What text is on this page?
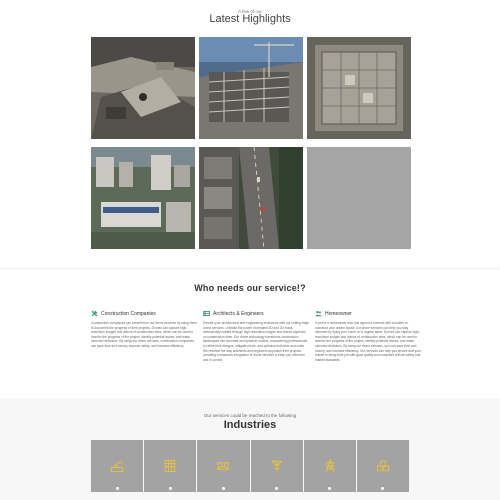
A few of our
Latest Highlights
Who needs our service!?
Construction Companies

Construction companies can benefit from our drone services by using them to document the progress of their projects. Drones can capture high-resolution images and videos of construction sites, which can be used to monitor the progress of the project, identify potential issues, and make informed decisions. By using our drone services, construction companies can save time and money, improve safety, and increase efficiency.

Architects & Engineers

Elevate your architectural and engineering endeavors with our cutting-edge drone services. Unleash the power of detailed 3D and 2D maps, meticulously crafted through high-resolution images and videos captured on construction sites. Our drone technology transforms construction landscapes into accurate and dynamic models, empowering professionals to refine their designs, mitigate errors, and optimize both time and costs. We redefine the way architects and engineers approach their projects, providing a seamless integration of drone services to keep you informed and in control.

Homeowner

If you're a homeowner who has signed a contract with a builder to construct your dream house, our drone services can help you stay informed by flying your home on a regular basis. Drones can capture high-resolution images and videos of construction sites, which can be used to monitor the progress of the project, identify potential issues, and make informed decisions. By using our drone services, you can save time and money, and increase efficiency. Our services can help you ensure that your builder is doing their job with good quality and compliant with all safety and market standards.

Our services could be reached to the following
Industries
